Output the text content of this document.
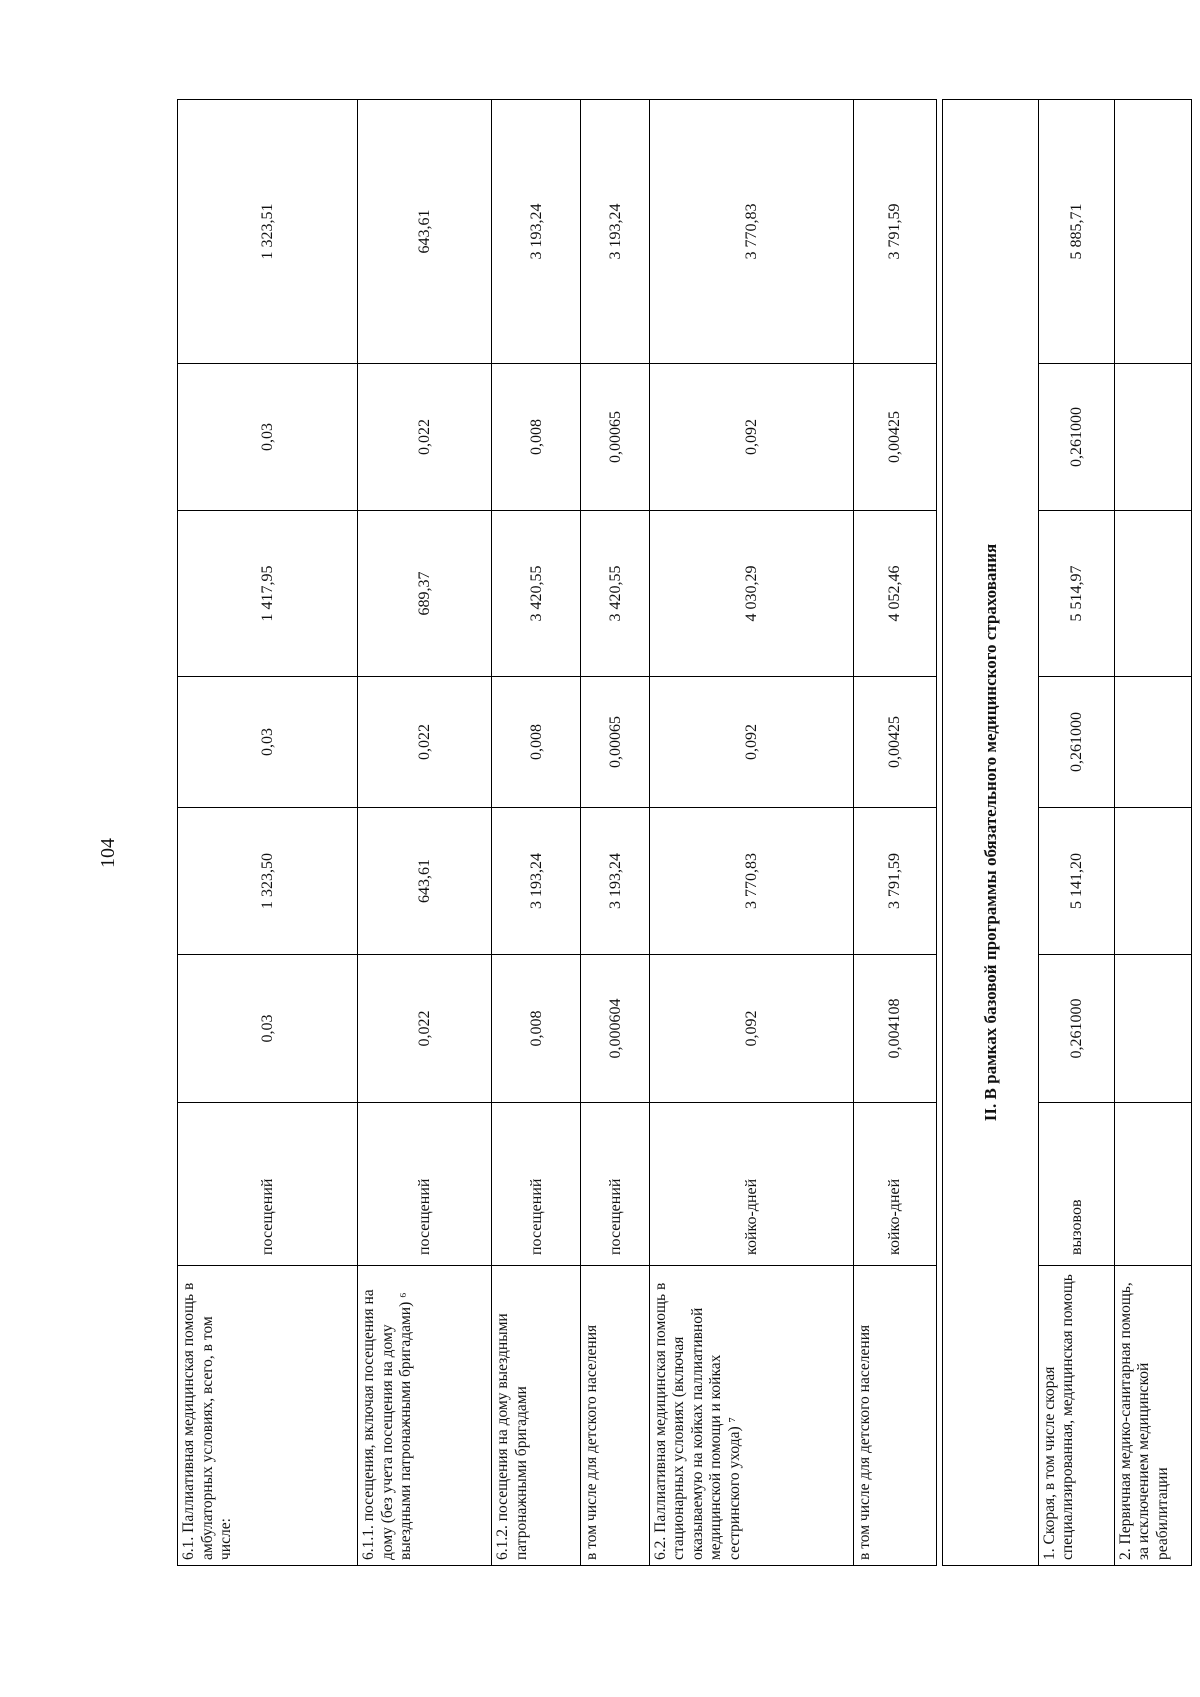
104
6.1. Паллиативная медицинская помощь в амбулаторных условиях, всего, в том числе:	посещений	0,03	1 323,50	0,03	1 417,95	0,03	1 323,51
6.1.1. посещения, включая посещения на дому (без учета посещения на дому выездными патронажными бригадами) ⁶	посещений	0,022	643,61	0,022	689,37	0,022	643,61
6.1.2. посещения на дому выездными патронажными бригадами	посещений	0,008	3 193,24	0,008	3 420,55	0,008	3 193,24
в том числе для детского населения	посещений	0,000604	3 193,24	0,00065	3 420,55	0,00065	3 193,24
6.2. Паллиативная медицинская помощь в стационарных условиях (включая оказываемую на койках паллиативной медицинской помощи и койках сестринского ухода) ⁷	койко-дней	0,092	3 770,83	0,092	4 030,29	0,092	3 770,83
в том числе для детского населения	койко-дней	0,004108	3 791,59	0,00425	4 052,46	0,00425	3 791,59

II. В рамках базовой программы обязательного медицинского страхования							
1. Скорая, в том числе скорая специализированная, медицинская помощь	вызовов	0,261000	5 141,20	0,261000	5 514,97	0,261000	5 885,71
2. Первичная медико-санитарная помощь, за исключением медицинской реабилитации							
